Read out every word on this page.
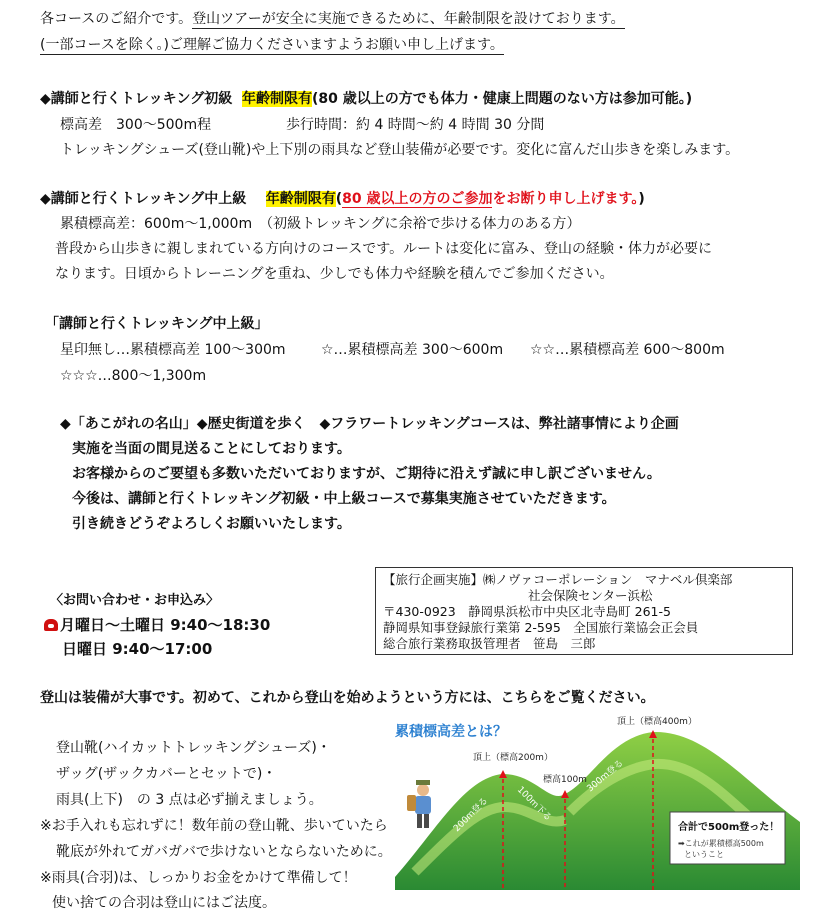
各コースのご紹介です。登山ツアーが安全に実施できるために、年齢制限を設けております。
(一部コースを除く。)ご理解ご協力くださいますようお願い申し上げます。
◆講師と行くトレッキング初級 年齢制限有(80 歳以上の方でも体力・健康上問題のない方は参加可能。)
標高差　300～500m程	歩行時間：約 4 時間～約 4 時間 30 分間
トレッキングシューズ(登山靴)や上下別の雨具など登山装備が必要です。変化に富んだ山歩きを楽しみます。
◆講師と行くトレッキング中上級 年齢制限有(80 歳以上の方のご参加をお断り申し上げます。)
累積標高差：600m～1,000m　（初級トレッキングに余裕で歩ける体力のある方）
普段から山歩きに親しまれている方向けのコースです。ルートは変化に富み、登山の経験・体力が必要に
なります。日頃からトレーニングを重ね、少しでも体力や経験を積んでご参加ください。
「講師と行くトレッキング中上級」
星印無し…累積標高差 100～300m	☆…累積標高差 300～600m ☆☆…累積標高差 600～800m
☆☆☆…800～1,300m
◆「あこがれの名山」◆歴史街道を歩く　◆フラワートレッキングコースは、弊社諸事情により企画
実施を当面の間見送ることにしております。
お客様からのご要望も多数いただいておりますが、ご期待に沿えず誠に申し訳ございません。
今後は、講師と行くトレッキング初級・中上級コースで募集実施させていただきます。
引き続きどうぞよろしくお願いいたします。
〈お問い合わせ・お申込み〉
月曜日～土曜日 9:40～18:30
日曜日 9:40～17:00
【旅行企画実施】㈱ノヴァコーポレーション　マナベル倶楽部
社会保険センター浜松
〒430-0923　静岡県浜松市中央区北寺島町 261-5
静岡県知事登録旅行業第 2-595　全国旅行業協会正会員
総合旅行業務取扱管理者　笹島　三郎
登山は装備が大事です。初めて、これから登山を始めようという方には、こちらをご覧ください。
登山靴(ハイカットトレッキングシューズ)・
ザッグ(ザックカバーとセットで)・
雨具(上下)　の 3 点は必ず揃えましょう。
※お手入れも忘れずに！数年前の登山靴、歩いていたら
靴底が外れてガバガバで歩けないとならないために。
※雨具(合羽)は、しっかりお金をかけて準備して！
使い捨ての合羽は登山にはご法度。
累積標高差とは？
頂上（標高200m）
頂上（標高400m）
標高100m
200m登る	100m下る
300m登る
合計で500m登った！
➡これが累積標高500m
ということ
